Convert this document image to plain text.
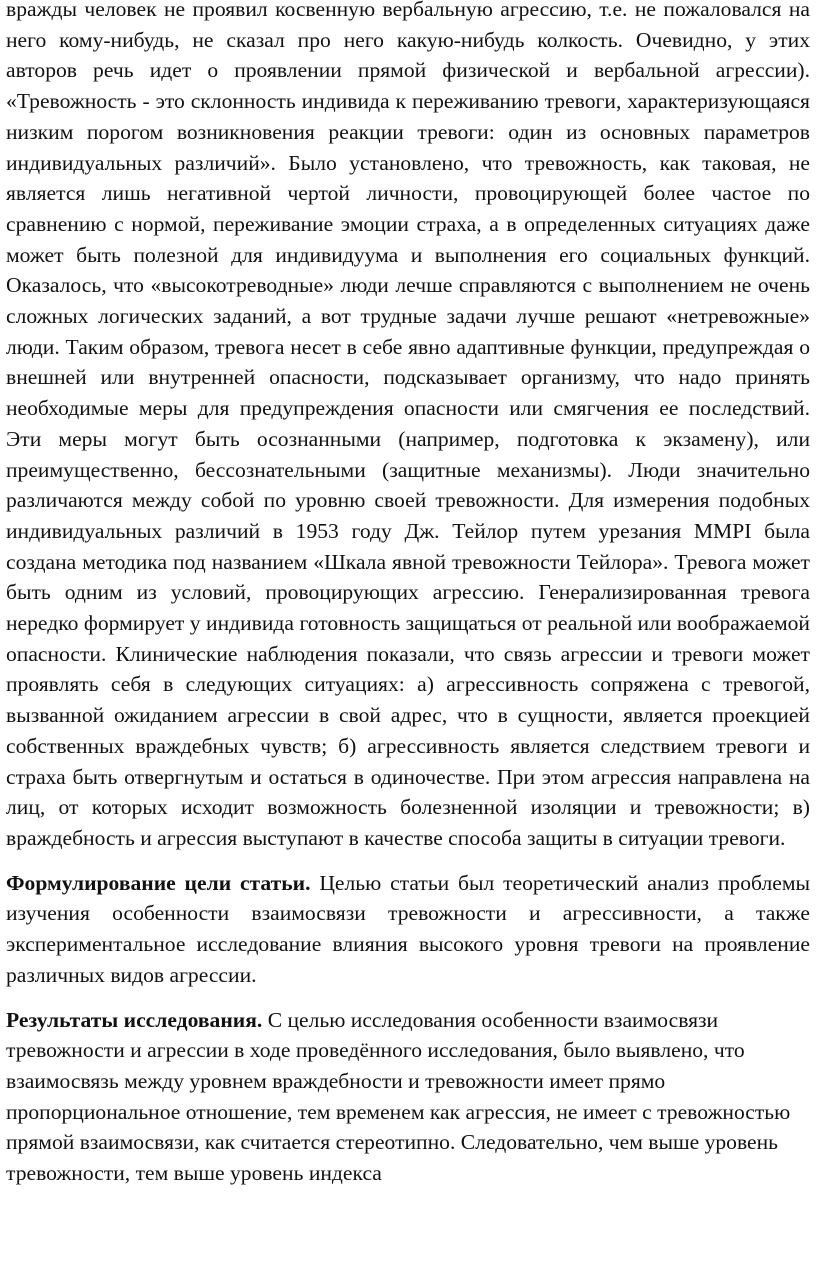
вражды человек не проявил косвенную вербальную агрессию, т.е. не пожаловался на него кому-нибудь, не сказал про него какую-нибудь колкость. Очевидно, у этих авторов речь идет о проявлении прямой физической и вербальной агрессии). «Тревожность - это склонность индивида к переживанию тревоги, характеризующаяся низким порогом возникновения реакции тревоги: один из основных параметров индивидуальных различий». Было установлено, что тревожность, как таковая, не является лишь негативной чертой личности, провоцирующей более частое по сравнению с нормой, переживание эмоции страха, а в определенных ситуациях даже может быть полезной для индивидуума и выполнения его социальных функций. Оказалось, что «высокотреводные» люди лечше справляются с выполнением не очень сложных логических заданий, а вот трудные задачи лучше решают «нетревожные» люди. Таким образом, тревога несет в себе явно адаптивные функции, предупреждая о внешней или внутренней опасности, подсказывает организму, что надо принять необходимые меры для предупреждения опасности или смягчения ее последствий. Эти меры могут быть осознанными (например, подготовка к экзамену), или преимущественно, бессознательными (защитные механизмы). Люди значительно различаются между собой по уровню своей тревожности. Для измерения подобных индивидуальных различий в 1953 году Дж. Тейлор путем урезания MMPI была создана методика под названием «Шкала явной тревожности Тейлора». Тревога может быть одним из условий, провоцирующих агрессию. Генерализированная тревога нередко формирует у индивида готовность защищаться от реальной или воображаемой опасности. Клинические наблюдения показали, что связь агрессии и тревоги может проявлять себя в следующих ситуациях: а) агрессивность сопряжена с тревогой, вызванной ожиданием агрессии в свой адрес, что в сущности, является проекцией собственных враждебных чувств; б) агрессивность является следствием тревоги и страха быть отвергнутым и остаться в одиночестве. При этом агрессия направлена на лиц, от которых исходит возможность болезненной изоляции и тревожности; в) враждебность и агрессия выступают в качестве способа защиты в ситуации тревоги.

Формулирование цели статьи. Целью статьи был теоретический анализ проблемы изучения особенности взаимосвязи тревожности и агрессивности, а также экспериментальное исследование влияния высокого уровня тревоги на проявление различных видов агрессии.

Результаты исследования. С целью исследования особенности взаимосвязи тревожности и агрессии в ходе проведённого исследования, было выявлено, что взаимосвязь между уровнем враждебности и тревожности имеет прямо пропорциональное отношение, тем временем как агрессия, не имеет с тревожностью прямой взаимосвязи, как считается стереотипно. Следовательно, чем выше уровень тревожности, тем выше уровень индекса
